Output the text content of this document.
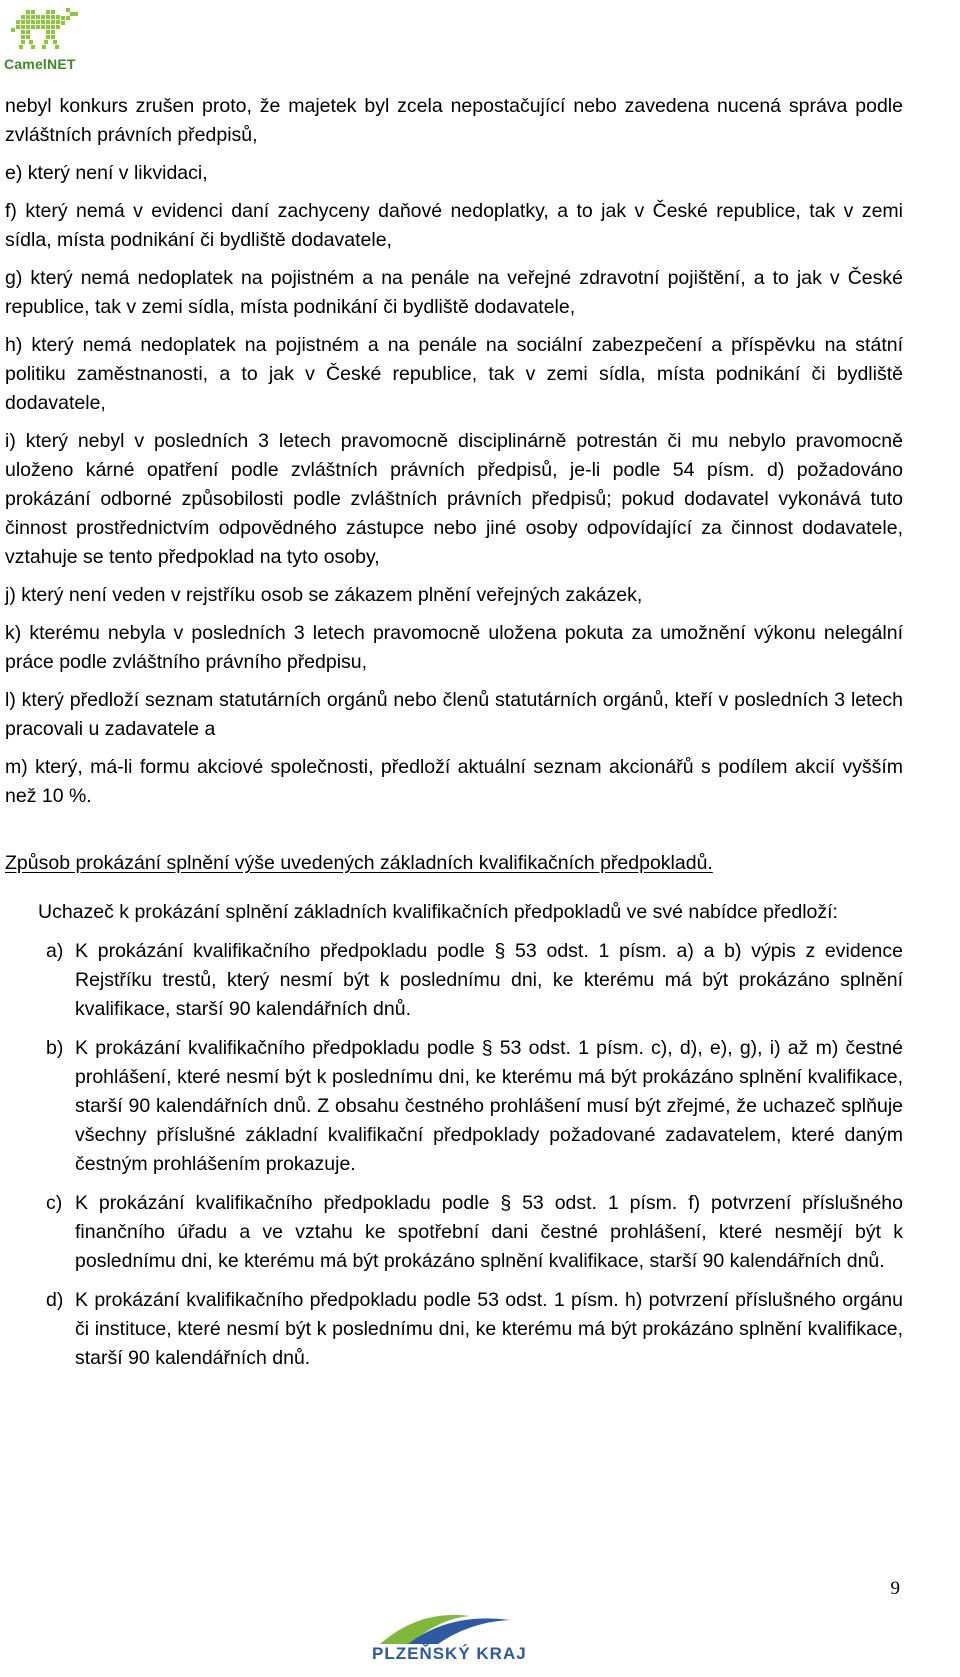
CamelNET

nebyl konkurs zrušen proto, že majetek byl zcela nepostačující nebo zavedena nucená správa podle zvláštních právních předpisů,

e) který není v likvidaci,

f) který nemá v evidenci daní zachyceny daňové nedoplatky, a to jak v České republice, tak v zemi sídla, místa podnikání či bydliště dodavatele,

g) který nemá nedoplatek na pojistném a na penále na veřejné zdravotní pojištění, a to jak v České republice, tak v zemi sídla, místa podnikání či bydliště dodavatele,

h) který nemá nedoplatek na pojistném a na penále na sociální zabezpečení a příspěvku na státní politiku zaměstnanosti, a to jak v České republice, tak v zemi sídla, místa podnikání či bydliště dodavatele,

i) který nebyl v posledních 3 letech pravomocně disciplinárně potrestán či mu nebylo pravomocně uloženo kárné opatření podle zvláštních právních předpisů, je-li podle 54 písm. d) požadováno prokázání odborné způsobilosti podle zvláštních právních předpisů; pokud dodavatel vykonává tuto činnost prostřednictvím odpovědného zástupce nebo jiné osoby odpovídající za činnost dodavatele, vztahuje se tento předpoklad na tyto osoby,

j) který není veden v rejstříku osob se zákazem plnění veřejných zakázek,

k) kterému nebyla v posledních 3 letech pravomocně uložena pokuta za umožnění výkonu nelegální práce podle zvláštního právního předpisu,

l) který předloží seznam statutárních orgánů nebo členů statutárních orgánů, kteří v posledních 3 letech pracovali u zadavatele a

m) který, má-li formu akciové společnosti, předloží aktuální seznam akcionářů s podílem akcií vyšším než 10 %.

Způsob prokázání splnění výše uvedených základních kvalifikačních předpokladů.

Uchazeč k prokázání splnění základních kvalifikačních předpokladů ve své nabídce předloží:

a) K prokázání kvalifikačního předpokladu podle § 53 odst. 1 písm. a) a b) výpis z evidence Rejstříku trestů, který nesmí být k poslednímu dni, ke kterému má být prokázáno splnění kvalifikace, starší 90 kalendářních dnů.
b) K prokázání kvalifikačního předpokladu podle § 53 odst. 1 písm. c), d), e), g), i) až m) čestné prohlášení, které nesmí být k poslednímu dni, ke kterému má být prokázáno splnění kvalifikace, starší 90 kalendářních dnů. Z obsahu čestného prohlášení musí být zřejmé, že uchazeč splňuje všechny příslušné základní kvalifikační předpoklady požadované zadavatelem, které daným čestným prohlášením prokazuje.
c) K prokázání kvalifikačního předpokladu podle § 53 odst. 1 písm. f) potvrzení příslušného finančního úřadu a ve vztahu ke spotřební dani čestné prohlášení, které nesmějí být k poslednímu dni, ke kterému má být prokázáno splnění kvalifikace, starší 90 kalendářních dnů.
d) K prokázání kvalifikačního předpokladu podle 53 odst. 1 písm. h) potvrzení příslušného orgánu či instituce, které nesmí být k poslednímu dni, ke kterému má být prokázáno splnění kvalifikace, starší 90 kalendářních dnů.
9
PLZEŇSKÝ KRAJ
